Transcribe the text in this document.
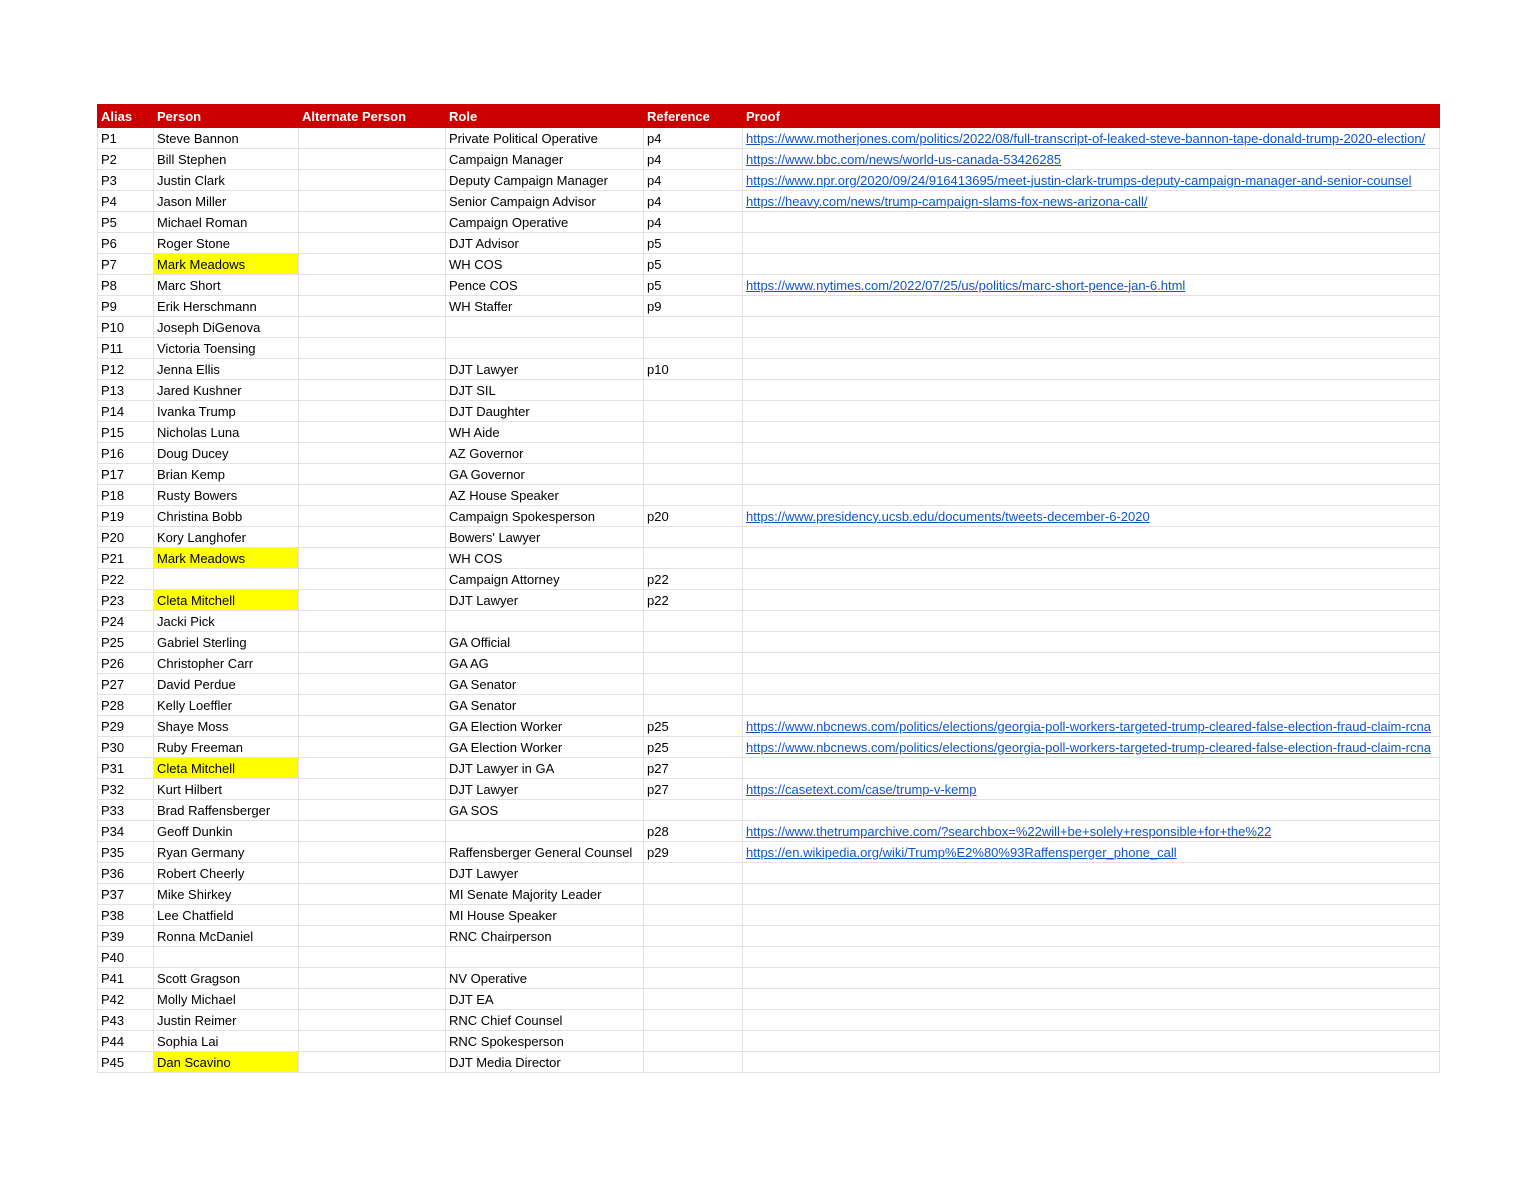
Alias	Person	Alternate Person	Role	Reference	Proof
P1	Steve Bannon		Private Political Operative	p4	https://www.motherjones.com/politics/2022/08/full-transcript-of-leaked-steve-bannon-tape-donald-trump-2020-election/
P2	Bill Stephen		Campaign Manager	p4	https://www.bbc.com/news/world-us-canada-53426285
P3	Justin Clark		Deputy Campaign Manager	p4	https://www.npr.org/2020/09/24/916413695/meet-justin-clark-trumps-deputy-campaign-manager-and-senior-counsel
P4	Jason Miller		Senior Campaign Advisor	p4	https://heavy.com/news/trump-campaign-slams-fox-news-arizona-call/
P5	Michael Roman		Campaign Operative	p4	
P6	Roger Stone		DJT Advisor	p5	
P7	Mark Meadows		WH COS	p5	
P8	Marc Short		Pence COS	p5	https://www.nytimes.com/2022/07/25/us/politics/marc-short-pence-jan-6.html
P9	Erik Herschmann		WH Staffer	p9	
P10	Joseph DiGenova				
P11	Victoria Toensing				
P12	Jenna Ellis		DJT Lawyer	p10	
P13	Jared Kushner		DJT SIL		
P14	Ivanka Trump		DJT Daughter		
P15	Nicholas Luna		WH Aide		
P16	Doug Ducey		AZ Governor		
P17	Brian Kemp		GA Governor		
P18	Rusty Bowers		AZ House Speaker		
P19	Christina Bobb		Campaign Spokesperson	p20	https://www.presidency.ucsb.edu/documents/tweets-december-6-2020
P20	Kory Langhofer		Bowers' Lawyer		
P21	Mark Meadows		WH COS		
P22			Campaign Attorney	p22	
P23	Cleta Mitchell		DJT Lawyer	p22	
P24	Jacki Pick				
P25	Gabriel Sterling		GA Official		
P26	Christopher Carr		GA AG		
P27	David Perdue		GA Senator		
P28	Kelly Loeffler		GA Senator		
P29	Shaye Moss		GA Election Worker	p25	https://www.nbcnews.com/politics/elections/georgia-poll-workers-targeted-trump-cleared-false-election-fraud-claim-rcna
P30	Ruby Freeman		GA Election Worker	p25	https://www.nbcnews.com/politics/elections/georgia-poll-workers-targeted-trump-cleared-false-election-fraud-claim-rcna
P31	Cleta Mitchell		DJT Lawyer in GA	p27	
P32	Kurt Hilbert		DJT Lawyer	p27	https://casetext.com/case/trump-v-kemp
P33	Brad Raffensberger		GA SOS		
P34	Geoff Dunkin			p28	https://www.thetrumparchive.com/?searchbox=%22will+be+solely+responsible+for+the%22
P35	Ryan Germany		Raffensberger General Counsel	p29	https://en.wikipedia.org/wiki/Trump%E2%80%93Raffensperger_phone_call
P36	Robert Cheerly		DJT Lawyer		
P37	Mike Shirkey		MI Senate Majority Leader		
P38	Lee Chatfield		MI House Speaker		
P39	Ronna McDaniel		RNC Chairperson		
P40					
P41	Scott Gragson		NV Operative		
P42	Molly Michael		DJT EA		
P43	Justin Reimer		RNC Chief Counsel		
P44	Sophia Lai		RNC Spokesperson		
P45	Dan Scavino		DJT Media Director		
